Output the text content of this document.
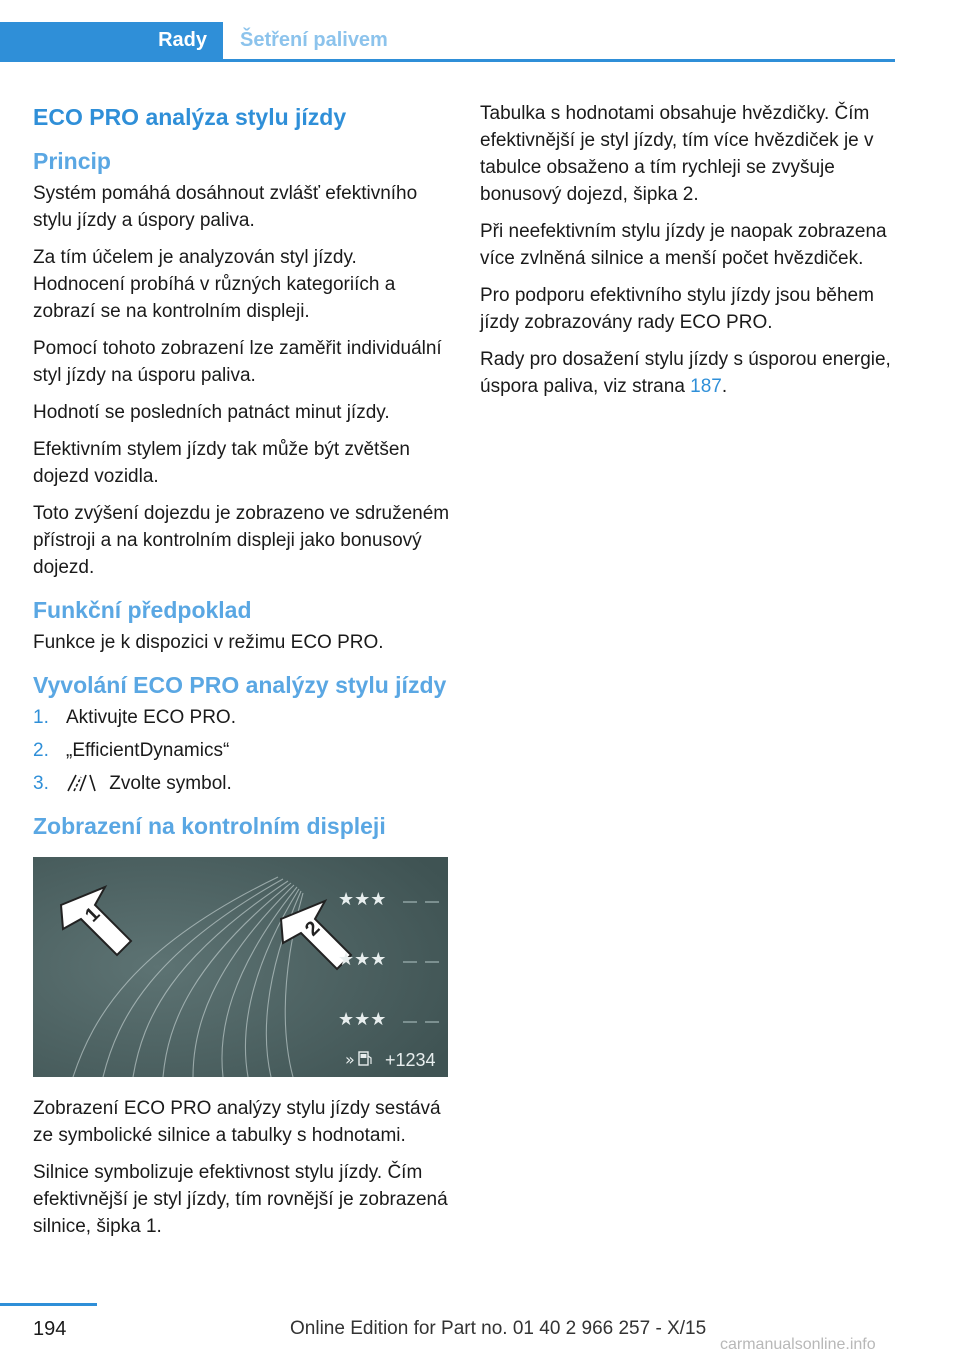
Rady Šetření palivem
ECO PRO analýza stylu jízdy
Princip

Systém pomáhá dosáhnout zvlášť efektivního stylu jízdy a úspory paliva.

Za tím účelem je analyzován styl jízdy. Hodnocení probíhá v různých kategoriích a zobrazí se na kontrolním displeji.

Pomocí tohoto zobrazení lze zaměřit individuální styl jízdy na úsporu paliva.

Hodnotí se posledních patnáct minut jízdy.

Efektivním stylem jízdy tak může být zvětšen dojezd vozidla.

Toto zvýšení dojezdu je zobrazeno ve sdruženém přístroji a na kontrolním displeji jako bonusový dojezd.

Funkční předpoklad

Funkce je k dispozici v režimu ECO PRO.

Vyvolání ECO PRO analýzy stylu jízdy
1. Aktivujte ECO PRO.
2. „EfficientDynamics“
3.	Zvolte symbol.
Zobrazení na kontrolním displeji
1
2
★★★
★★★
★★★
» +1234

Zobrazení ECO PRO analýzy stylu jízdy sestává ze symbolické silnice a tabulky s hodnotami.

Silnice symbolizuje efektivnost stylu jízdy. Čím efektivnější je styl jízdy, tím rovnější je zobrazená silnice, šipka 1.

Tabulka s hodnotami obsahuje hvězdičky. Čím efektivnější je styl jízdy, tím více hvězdiček je v tabulce obsaženo a tím rychleji se zvyšuje bonusový dojezd, šipka 2.

Při neefektivním stylu jízdy je naopak zobrazena více zvlněná silnice a menší počet hvězdiček.

Pro podporu efektivního stylu jízdy jsou během jízdy zobrazovány rady ECO PRO.

Rady pro dosažení stylu jízdy s úsporou energie, úspora paliva, viz strana 187.

194	Online Edition for Part no. 01 40 2 966 257 - X/15
carmanualsonline.info
